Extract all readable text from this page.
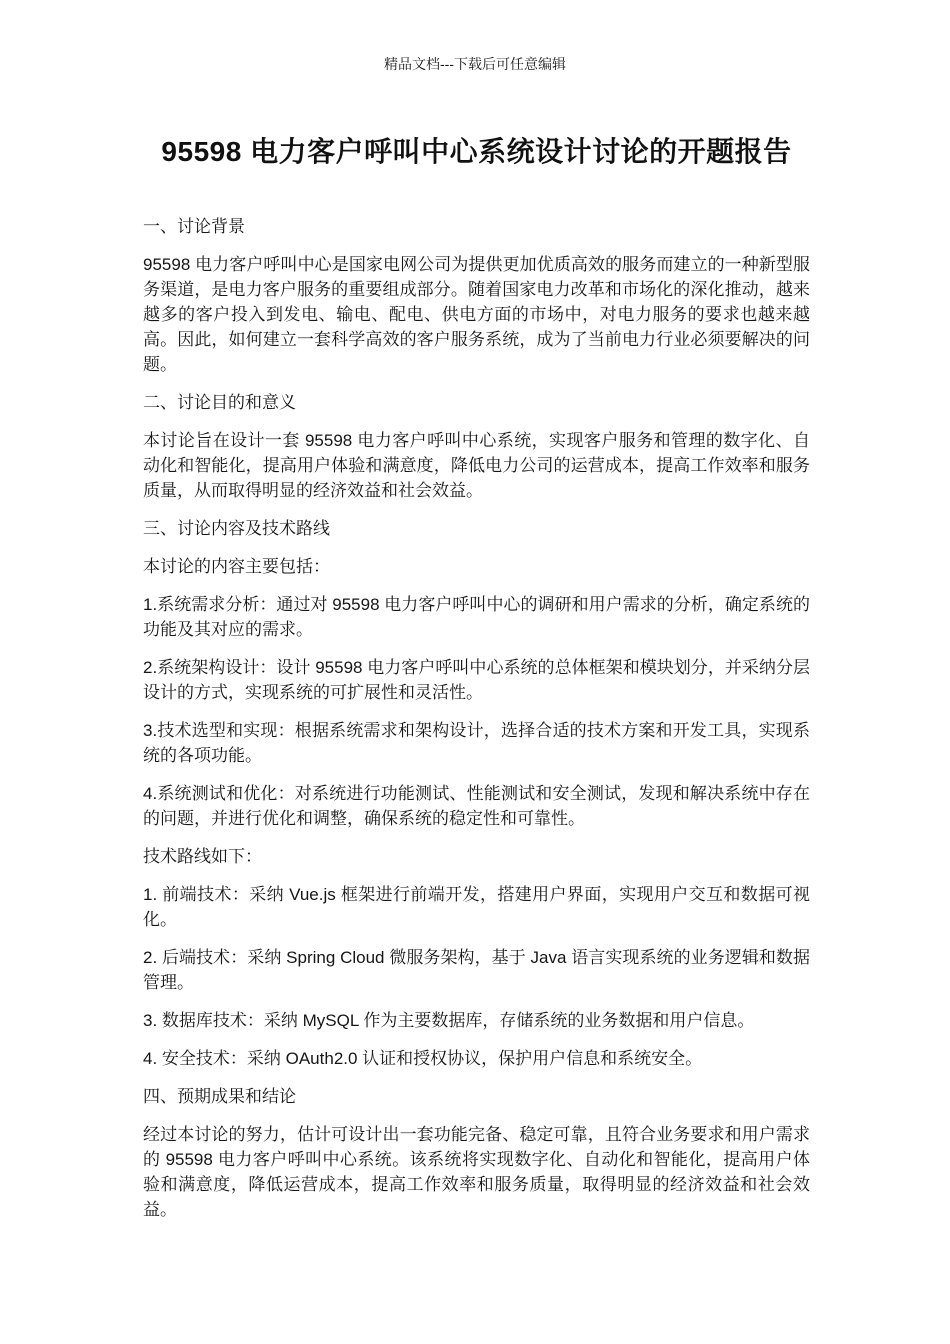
精品文档---下载后可任意编辑
95598 电力客户呼叫中心系统设计讨论的开题报告
一、讨论背景

95598 电力客户呼叫中心是国家电网公司为提供更加优质高效的服务而建立的一种新型服务渠道，是电力客户服务的重要组成部分。随着国家电力改革和市场化的深化推动，越来越多的客户投入到发电、输电、配电、供电方面的市场中，对电力服务的要求也越来越高。因此，如何建立一套科学高效的客户服务系统，成为了当前电力行业必须要解决的问题。

二、讨论目的和意义

本讨论旨在设计一套 95598 电力客户呼叫中心系统，实现客户服务和管理的数字化、自动化和智能化，提高用户体验和满意度，降低电力公司的运营成本，提高工作效率和服务质量，从而取得明显的经济效益和社会效益。

三、讨论内容及技术路线

本讨论的内容主要包括：

1.系统需求分析：通过对 95598 电力客户呼叫中心的调研和用户需求的分析，确定系统的功能及其对应的需求。

2.系统架构设计：设计 95598 电力客户呼叫中心系统的总体框架和模块划分，并采纳分层设计的方式，实现系统的可扩展性和灵活性。

3.技术选型和实现：根据系统需求和架构设计，选择合适的技术方案和开发工具，实现系统的各项功能。

4.系统测试和优化：对系统进行功能测试、性能测试和安全测试，发现和解决系统中存在的问题，并进行优化和调整，确保系统的稳定性和可靠性。

技术路线如下：

1. 前端技术：采纳 Vue.js 框架进行前端开发，搭建用户界面，实现用户交互和数据可视化。

2. 后端技术：采纳 Spring Cloud 微服务架构，基于 Java 语言实现系统的业务逻辑和数据管理。

3. 数据库技术：采纳 MySQL 作为主要数据库，存储系统的业务数据和用户信息。

4. 安全技术：采纳 OAuth2.0 认证和授权协议，保护用户信息和系统安全。

四、预期成果和结论

经过本讨论的努力，估计可设计出一套功能完备、稳定可靠，且符合业务要求和用户需求的 95598 电力客户呼叫中心系统。该系统将实现数字化、自动化和智能化，提高用户体验和满意度，降低运营成本，提高工作效率和服务质量，取得明显的经济效益和社会效益。
